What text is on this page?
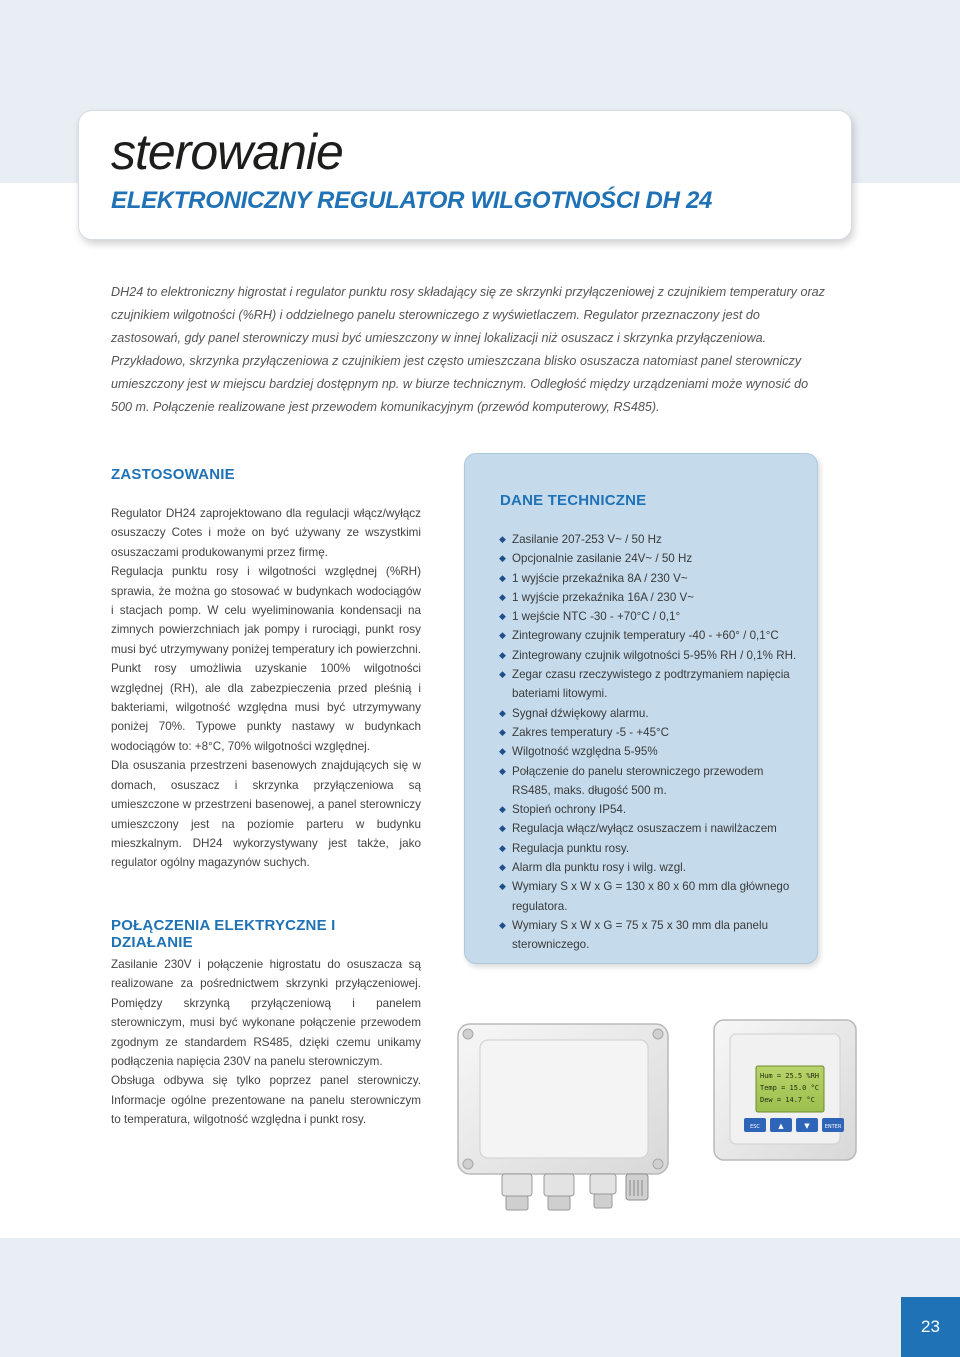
sterowanie
ELEKTRONICZNY REGULATOR WILGOTNOŚCI DH 24

DH24 to elektroniczny higrostat i regulator punktu rosy składający się ze skrzynki przyłączeniowej z czujnikiem temperatury oraz czujnikiem wilgotności (%RH) i oddzielnego panelu sterowniczego z wyświetlaczem. Regulator przeznaczony jest do zastosowań, gdy panel sterowniczy musi być umieszczony w innej lokalizacji niż osuszacz i skrzynka przyłączeniowa. Przykładowo, skrzynka przyłączeniowa z czujnikiem jest często umieszczana blisko osuszacza natomiast panel sterowniczy umieszczony jest w miejscu bardziej dostępnym np. w biurze technicznym. Odległość między urządzeniami może wynosić do 500 m. Połączenie realizowane jest przewodem komunikacyjnym (przewód komputerowy, RS485).

ZASTOSOWANIE

Regulator DH24 zaprojektowano dla regulacji włącz/wyłącz osuszaczy Cotes i może on być używany ze wszystkimi osuszaczami produkowanymi przez firmę.

Regulacja punktu rosy i wilgotności względnej (%RH) sprawia, że można go stosować w budynkach wodociągów i stacjach pomp. W celu wyeliminowania kondensacji na zimnych powierzchniach jak pompy i rurociągi, punkt rosy musi być utrzymywany poniżej temperatury ich powierzchni. Punkt rosy umożliwia uzyskanie 100% wilgotności względnej (RH), ale dla zabezpieczenia przed pleśnią i bakteriami, wilgotność względna musi być utrzymywany poniżej 70%. Typowe punkty nastawy w budynkach wodociągów to: +8°C, 70% wilgotności względnej.

Dla osuszania przestrzeni basenowych znajdujących się w domach, osuszacz i skrzynka przyłączeniowa są umieszczone w przestrzeni basenowej, a panel sterowniczy umieszczony jest na poziomie parteru w budynku mieszkalnym. DH24 wykorzystywany jest także, jako regulator ogólny magazynów suchych.

POŁĄCZENIA ELEKTRYCZNE I DZIAŁANIE

Zasilanie 230V i połączenie higrostatu do osuszacza są realizowane za pośrednictwem skrzynki przyłączeniowej. Pomiędzy skrzynką przyłączeniową i panelem sterowniczym, musi być wykonane połączenie przewodem zgodnym ze standardem RS485, dzięki czemu unikamy podłączenia napięcia 230V na panelu sterowniczym.

Obsługa odbywa się tylko poprzez panel sterowniczy. Informacje ogólne prezentowane na panelu sterowniczym to temperatura, wilgotność względna i punkt rosy.

DANE TECHNICZNE
◆ Zasilanie 207-253 V~ / 50 Hz
◆ Opcjonalnie zasilanie 24V~ / 50 Hz
◆ 1 wyjście przekaźnika 8A / 230 V~
◆ 1 wyjście przekaźnika 16A / 230 V~
◆ 1 wejście NTC -30 - +70°C / 0,1°
◆ Zintegrowany czujnik temperatury -40 - +60° / 0,1°C
◆ Zintegrowany czujnik wilgotności 5-95% RH / 0,1% RH.
◆ Zegar czasu rzeczywistego z podtrzymaniem napięcia bateriami litowymi.
◆ Sygnał dźwiękowy alarmu.
◆ Zakres temperatury -5 - +45°C
◆ Wilgotność względna 5-95%
◆ Połączenie do panelu sterowniczego przewodem RS485, maks. długość 500 m.
◆ Stopień ochrony IP54.
◆ Regulacja włącz/wyłącz osuszaczem i nawilżaczem
◆ Regulacja punktu rosy.
◆ Alarm dla punktu rosy i wilg. wzgl.
◆ Wymiary S x W x G = 130 x 80 x 60 mm dla głównego regulatora.
◆ Wymiary S x W x G = 75 x 75 x 30 mm dla panelu sterowniczego.
Hum = 25.5 %RH
Temp = 15.0 °C
Dew = 14.7 °C
ESC	▲	▼	ENTER
23
